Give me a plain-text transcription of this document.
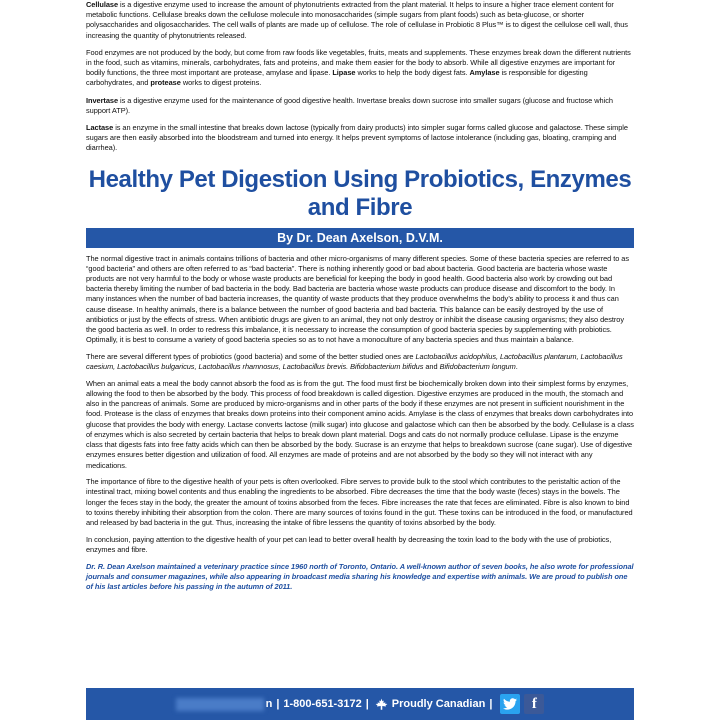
Cellulase is a digestive enzyme used to increase the amount of phytonutrients extracted from the plant material. It helps to insure a higher trace element content for metabolic functions. Cellulase breaks down the cellulose molecule into monosaccharides (simple sugars from plant foods) such as beta-glucose, or shorter polysaccharides and oligosaccharides. The cell walls of plants are made up of cellulose. The role of cellulase in Probiotic 8 Plus™ is to digest the cellulose cell wall, thus increasing the quantity of phytonutrients released.

Food enzymes are not produced by the body, but come from raw foods like vegetables, fruits, meats and supplements. These enzymes break down the different nutrients in the food, such as vitamins, minerals, carbohydrates, fats and proteins, and make them easier for the body to absorb. While all digestive enzymes are important for bodily functions, the three most important are protease, amylase and lipase. Lipase works to help the body digest fats. Amylase is responsible for digesting carbohydrates, and protease works to digest proteins.

Invertase is a digestive enzyme used for the maintenance of good digestive health. Invertase breaks down sucrose into smaller sugars (glucose and fructose which support ATP).

Lactase is an enzyme in the small intestine that breaks down lactose (typically from dairy products) into simpler sugar forms called glucose and galactose. These simple sugars are then easily absorbed into the bloodstream and turned into energy. It helps prevent symptoms of lactose intolerance (including gas, bloating, cramping and diarrhea).

Healthy Pet Digestion Using Probiotics, Enzymes and Fibre
By Dr. Dean Axelson, D.V.M.

The normal digestive tract in animals contains trillions of bacteria and other micro-organisms of many different species. Some of these bacteria species are referred to as “good bacteria” and others are often referred to as “bad bacteria”. There is nothing inherently good or bad about bacteria. Good bacteria are bacteria whose waste products are not very harmful to the body or whose waste products are beneficial for keeping the body in good health. Good bacteria also work by crowding out bad bacteria thereby limiting the number of bad bacteria in the body. Bad bacteria are bacteria whose waste products can produce disease and discomfort to the body. In many instances when the number of bad bacteria increases, the quantity of waste products that they produce overwhelms the body’s ability to process it and thus can cause disease. In healthy animals, there is a balance between the number of good bacteria and bad bacteria. This balance can be easily destroyed by the use of antibiotics or just by the effects of stress. When antibiotic drugs are given to an animal, they not only destroy or inhibit the disease causing organisms; they also destroy the good bacteria as well. In order to redress this imbalance, it is necessary to increase the consumption of good bacteria species by supplementing with probiotics. Optimally, it is best to consume a variety of good bacteria species so as to not have a monoculture of any bacteria species and thus maintain a balance.

There are several different types of probiotics (good bacteria) and some of the better studied ones are Lactobacillus acidophilus, Lactobacillus plantarum, Lactobacillus caesium, Lactobacillus bulgaricus, Lactobacillus rhamnosus, Lactobacillus brevis. Bifidobacterium bifidus and Bifidobacterium longum.

When an animal eats a meal the body cannot absorb the food as is from the gut. The food must first be biochemically broken down into their simplest forms by enzymes, allowing the food to then be absorbed by the body. This process of food breakdown is called digestion. Digestive enzymes are produced in the mouth, the stomach and also in the pancreas of animals. Some are produced by micro-organisms and in other parts of the body if these enzymes are not present in sufficient nourishment in the food. Protease is the class of enzymes that breaks down proteins into their component amino acids. Amylase is the class of enzymes that breaks down carbohydrates into glucose that provides the body with energy. Lactase converts lactose (milk sugar) into glucose and galactose which can then be absorbed by the body. Cellulase is a class of enzymes which is also secreted by certain bacteria that helps to break down plant material. Dogs and cats do not normally produce cellulase. Lipase is the enzyme class that digests fats into free fatty acids which can then be absorbed by the body. Sucrase is an enzyme that helps to breakdown sucrose (cane sugar). Use of digestive enzymes ensures better digestion and utilization of food. All enzymes are made of proteins and are not absorbed by the body so they will not interact with any medications.

The importance of fibre to the digestive health of your pets is often overlooked. Fibre serves to provide bulk to the stool which contributes to the peristaltic action of the intestinal tract, mixing bowel contents and thus enabling the ingredients to be absorbed. Fibre decreases the time that the body waste (feces) stays in the bowels. The longer the feces stay in the body, the greater the amount of toxins absorbed from the feces. Fibre increases the rate that feces are eliminated. Fibre is also known to bind to toxins thereby inhibiting their absorption from the colon. There are many sources of toxins found in the gut. These toxins can be introduced in the food, or manufactured and released by bad bacteria in the gut. Thus, increasing the intake of fibre lessens the quantity of toxins absorbed by the body.

In conclusion, paying attention to the digestive health of your pet can lead to better overall health by decreasing the toxin load to the body with the use of probiotics, enzymes and fibre.

Dr. R. Dean Axelson maintained a veterinary practice since 1960 north of Toronto, Ontario. A well-known author of seven books, he also wrote for professional journals and consumer magazines, while also appearing in broadcast media sharing his knowledge and expertise with animals. We are proud to publish one of his last articles before his passing in the autumn of 2011.

n | 1-800-651-3172 | Proudly Canadian |	f
